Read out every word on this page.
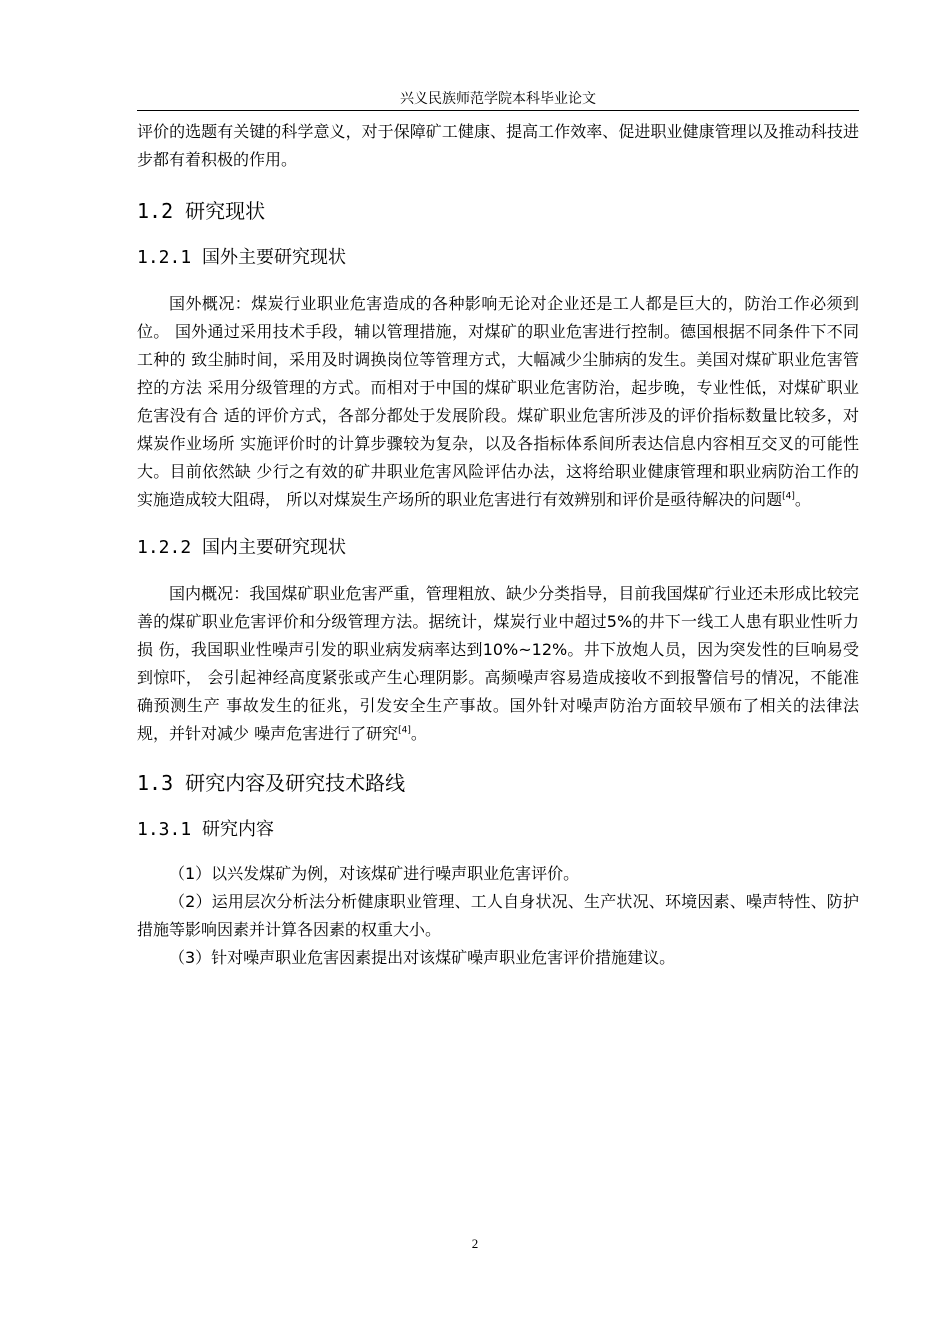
兴义民族师范学院本科毕业论文

评价的选题有关键的科学意义，对于保障矿工健康、提高工作效率、促进职业健康管理以及推动科技进步都有着积极的作用。

1.2 研究现状
1.2.1 国外主要研究现状

国外概况：煤炭行业职业危害造成的各种影响无论对企业还是工人都是巨大的，防治工作必须到位。 国外通过采用技术手段，辅以管理措施，对煤矿的职业危害进行控制。德国根据不同条件下不同工种的 致尘肺时间，采用及时调换岗位等管理方式，大幅减少尘肺病的发生。美国对煤矿职业危害管控的方法 采用分级管理的方式。而相对于中国的煤矿职业危害防治，起步晚，专业性低，对煤矿职业危害没有合 适的评价方式，各部分都处于发展阶段。煤矿职业危害所涉及的评价指标数量比较多，对煤炭作业场所 实施评价时的计算步骤较为复杂，以及各指标体系间所表达信息内容相互交叉的可能性大。目前依然缺 少行之有效的矿井职业危害风险评估办法，这将给职业健康管理和职业病防治工作的实施造成较大阻碍， 所以对煤炭生产场所的职业危害进行有效辨别和评价是亟待解决的问题[4]。

1.2.2 国内主要研究现状

国内概况：我国煤矿职业危害严重，管理粗放、缺少分类指导，目前我国煤矿行业还未形成比较完 善的煤矿职业危害评价和分级管理方法。据统计，煤炭行业中超过5%的井下一线工人患有职业性听力损 伤，我国职业性噪声引发的职业病发病率达到10%~12%。井下放炮人员，因为突发性的巨响易受到惊吓， 会引起神经高度紧张或产生心理阴影。高频噪声容易造成接收不到报警信号的情况，不能准确预测生产 事故发生的征兆，引发安全生产事故。国外针对噪声防治方面较早颁布了相关的法律法规，并针对减少 噪声危害进行了研究[4]。

1.3 研究内容及研究技术路线
1.3.1 研究内容

（1）以兴发煤矿为例，对该煤矿进行噪声职业危害评价。

（2）运用层次分析法分析健康职业管理、工人自身状况、生产状况、环境因素、噪声特性、防护措施等影响因素并计算各因素的权重大小。

（3）针对噪声职业危害因素提出对该煤矿噪声职业危害评价措施建议。

2
